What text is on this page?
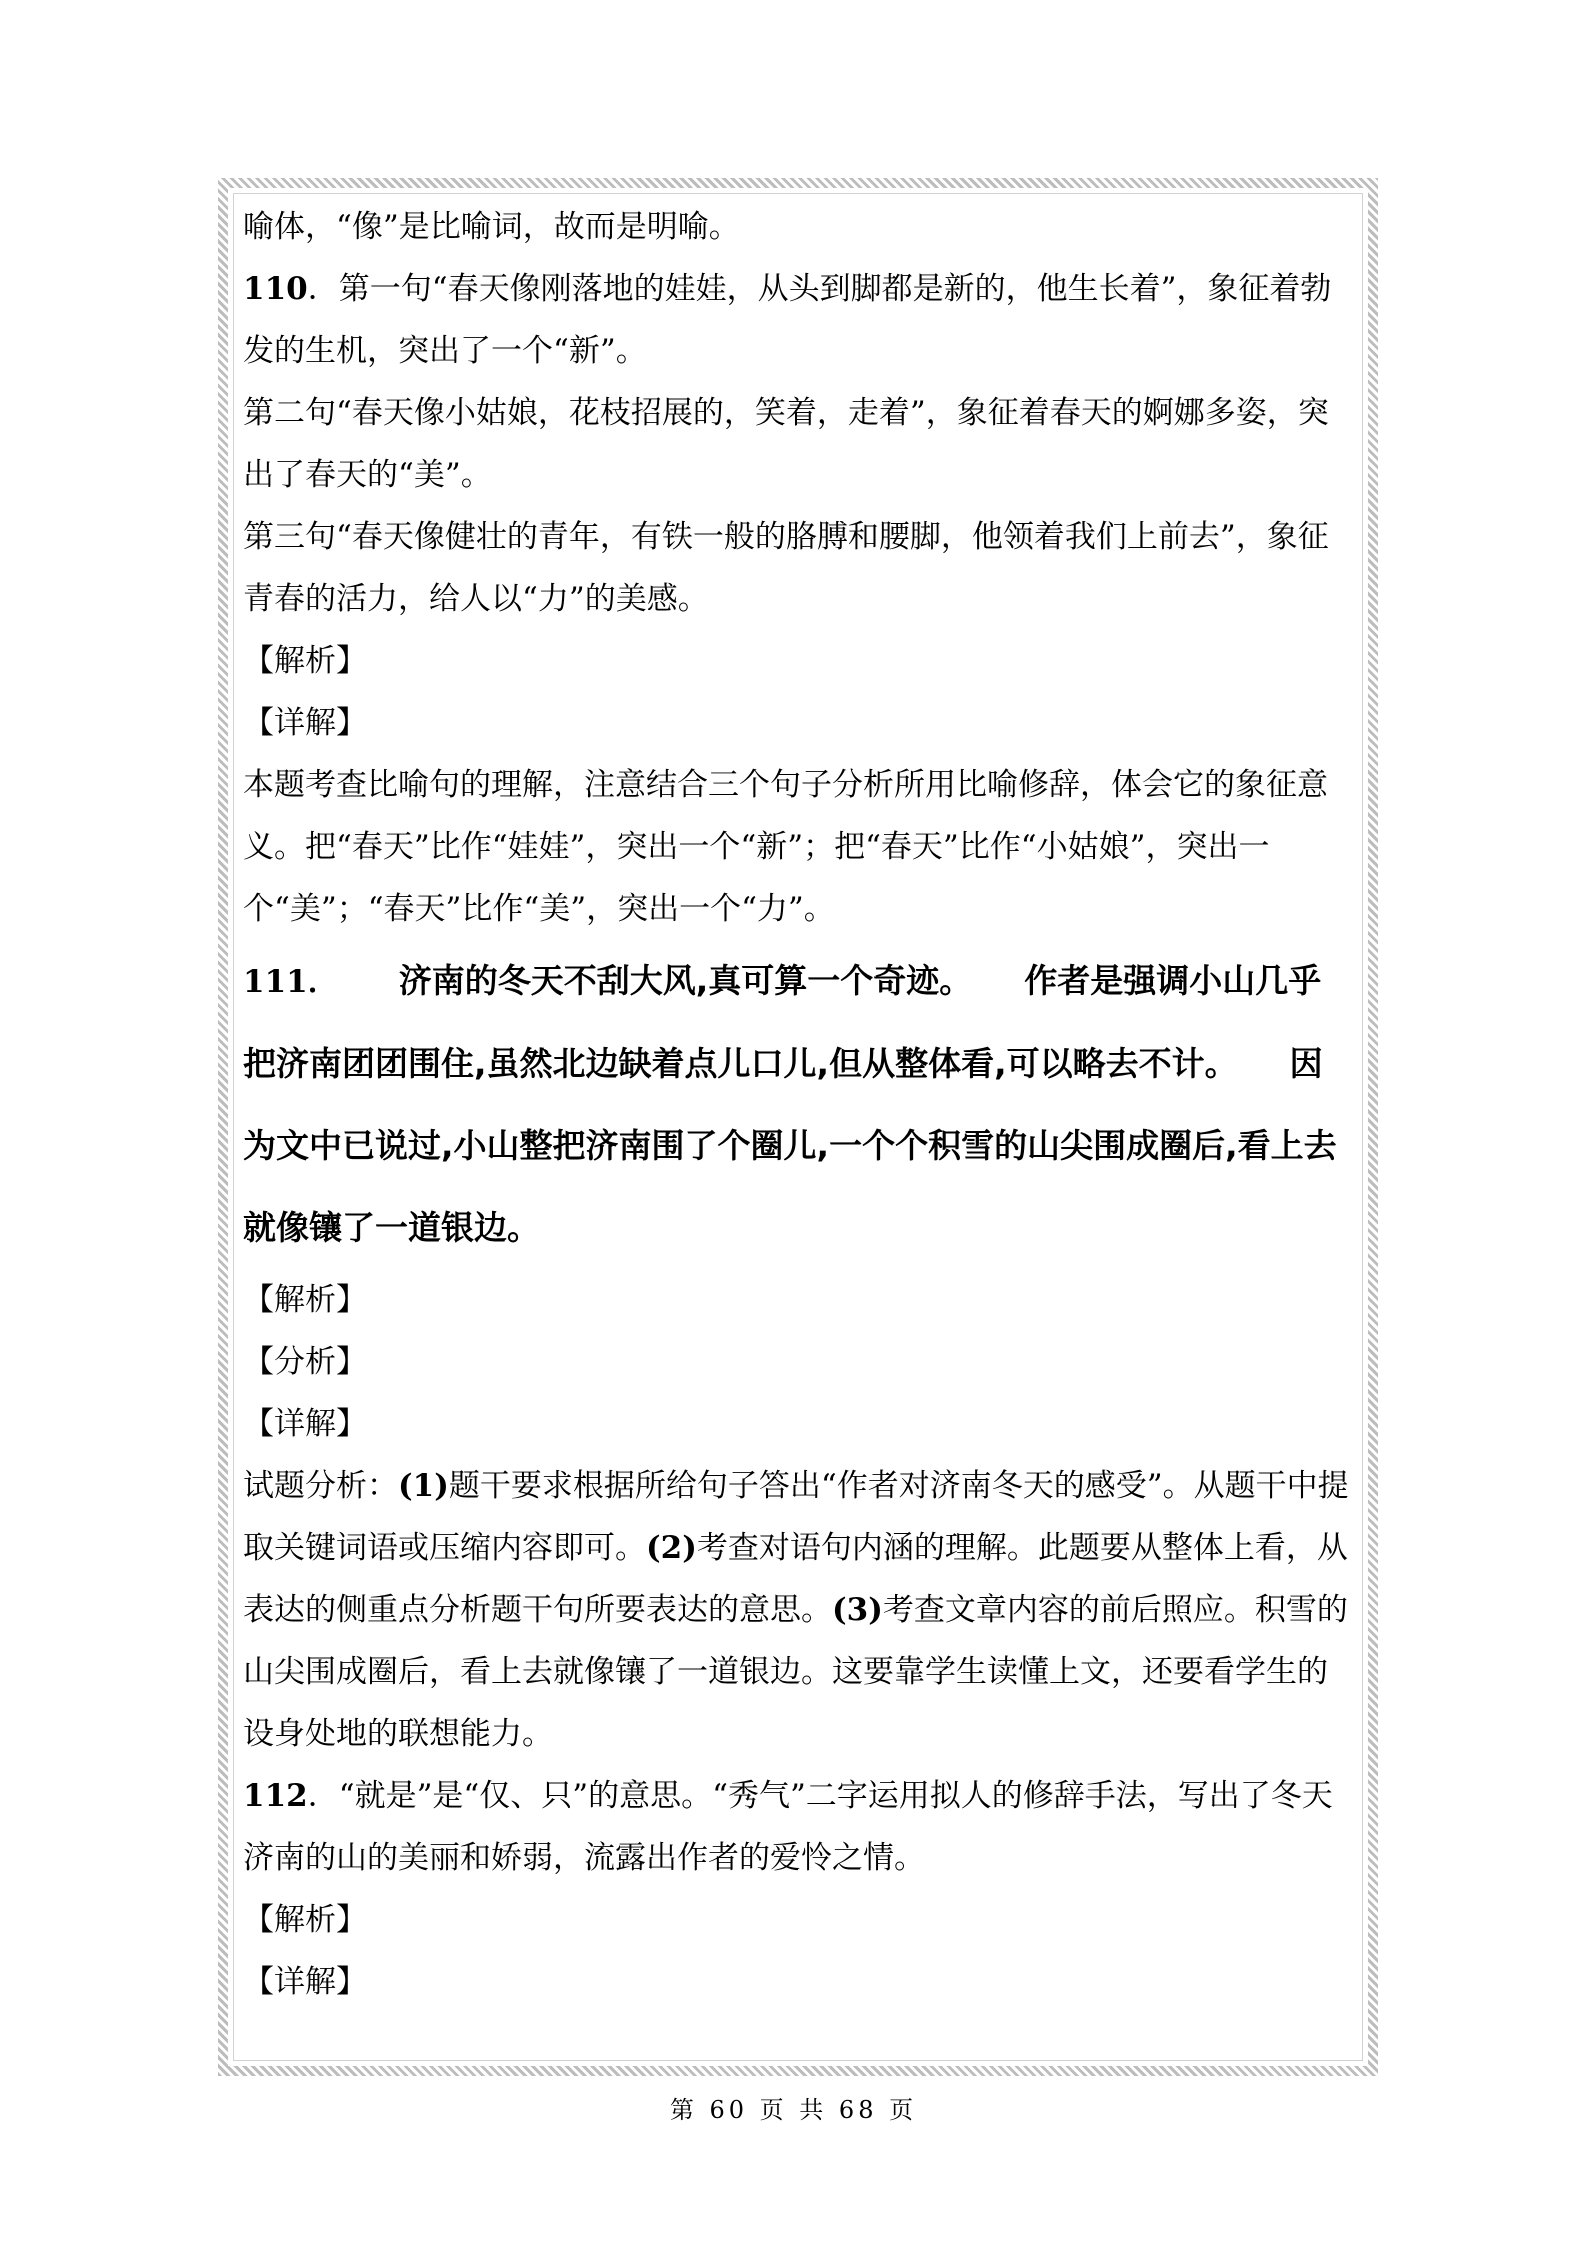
喻体，“像”是比喻词，故而是明喻。

110．第一句“春天像刚落地的娃娃，从头到脚都是新的，他生长着”，象征着勃发的生机，突出了一个“新”。

第二句“春天像小姑娘，花枝招展的，笑着，走着”，象征着春天的婀娜多姿，突出了春天的“美”。

第三句“春天像健壮的青年，有铁一般的胳膊和腰脚，他领着我们上前去”，象征青春的活力，给人以“力”的美感。

【解析】

【详解】

本题考查比喻句的理解，注意结合三个句子分析所用比喻修辞，体会它的象征意义。把“春天”比作“娃娃”，突出一个“新”；把“春天”比作“小姑娘”，突出一个“美”；“春天”比作“美”，突出一个“力”。

111． 济南的冬天不刮大风,真可算一个奇迹。 作者是强调小山几乎把济南团团围住,虽然北边缺着点儿口儿,但从整体看,可以略去不计。 因为文中已说过,小山整把济南围了个圈儿,一个个积雪的山尖围成圈后,看上去就像镶了一道银边。

【解析】

【分析】

【详解】

试题分析：(1)题干要求根据所给句子答出“作者对济南冬天的感受”。从题干中提取关键词语或压缩内容即可。(2)考查对语句内涵的理解。此题要从整体上看，从表达的侧重点分析题干句所要表达的意思。(3)考查文章内容的前后照应。积雪的山尖围成圈后，看上去就像镶了一道银边。这要靠学生读懂上文，还要看学生的设身处地的联想能力。

112．“就是”是“仅、只”的意思。“秀气”二字运用拟人的修辞手法，写出了冬天济南的山的美丽和娇弱，流露出作者的爱怜之情。

【解析】

【详解】

第 60 页 共 68 页
